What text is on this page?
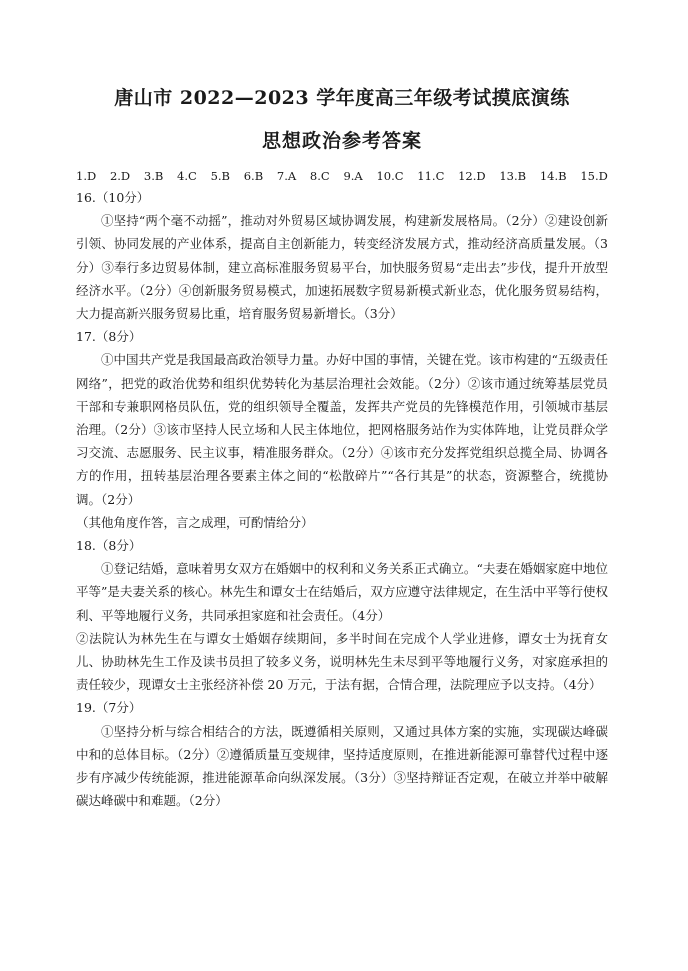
唐山市 2022—2023 学年度高三年级考试摸底演练
思想政治参考答案
1.D 2.D 3.B 4.C 5.B 6.B 7.A 8.C 9.A 10.C 11.C 12.D 13.B 14.B 15.D

16.（10分）

①坚持“两个毫不动摇”，推动对外贸易区域协调发展，构建新发展格局。（2分）②建设创新引领、协同发展的产业体系，提高自主创新能力，转变经济发展方式，推动经济高质量发展。（3分）③奉行多边贸易体制，建立高标准服务贸易平台，加快服务贸易“走出去”步伐，提升开放型经济水平。（2分）④创新服务贸易模式，加速拓展数字贸易新模式新业态，优化服务贸易结构，大力提高新兴服务贸易比重，培育服务贸易新增长。（3分）

17.（8分）

①中国共产党是我国最高政治领导力量。办好中国的事情，关键在党。该市构建的“五级责任网络”，把党的政治优势和组织优势转化为基层治理社会效能。（2分）②该市通过统筹基层党员干部和专兼职网格员队伍，党的组织领导全覆盖，发挥共产党员的先锋模范作用，引领城市基层治理。（2分）③该市坚持人民立场和人民主体地位，把网格服务站作为实体阵地，让党员群众学习交流、志愿服务、民主议事，精准服务群众。（2分）④该市充分发挥党组织总揽全局、协调各方的作用，扭转基层治理各要素主体之间的“松散碎片”“各行其是”的状态，资源整合，统揽协调。（2分）

（其他角度作答，言之成理，可酌情给分）

18.（8分）

①登记结婚，意味着男女双方在婚姻中的权利和义务关系正式确立。“夫妻在婚姻家庭中地位平等”是夫妻关系的核心。林先生和谭女士在结婚后，双方应遵守法律规定，在生活中平等行使权利、平等地履行义务，共同承担家庭和社会责任。（4分）

②法院认为林先生在与谭女士婚姻存续期间，多半时间在完成个人学业进修，谭女士为抚育女儿、协助林先生工作及读书员担了较多义务，说明林先生未尽到平等地履行义务，对家庭承担的责任较少，现谭女士主张经济补偿 20 万元，于法有据，合情合理，法院理应予以支持。（4分）

19.（7分）

①坚持分析与综合相结合的方法，既遵循相关原则，又通过具体方案的实施，实现碳达峰碳中和的总体目标。（2分）②遵循质量互变规律，坚持适度原则，在推进新能源可靠替代过程中逐步有序减少传统能源，推进能源革命向纵深发展。（3分）③坚持辩证否定观，在破立并举中破解碳达峰碳中和难题。（2分）
